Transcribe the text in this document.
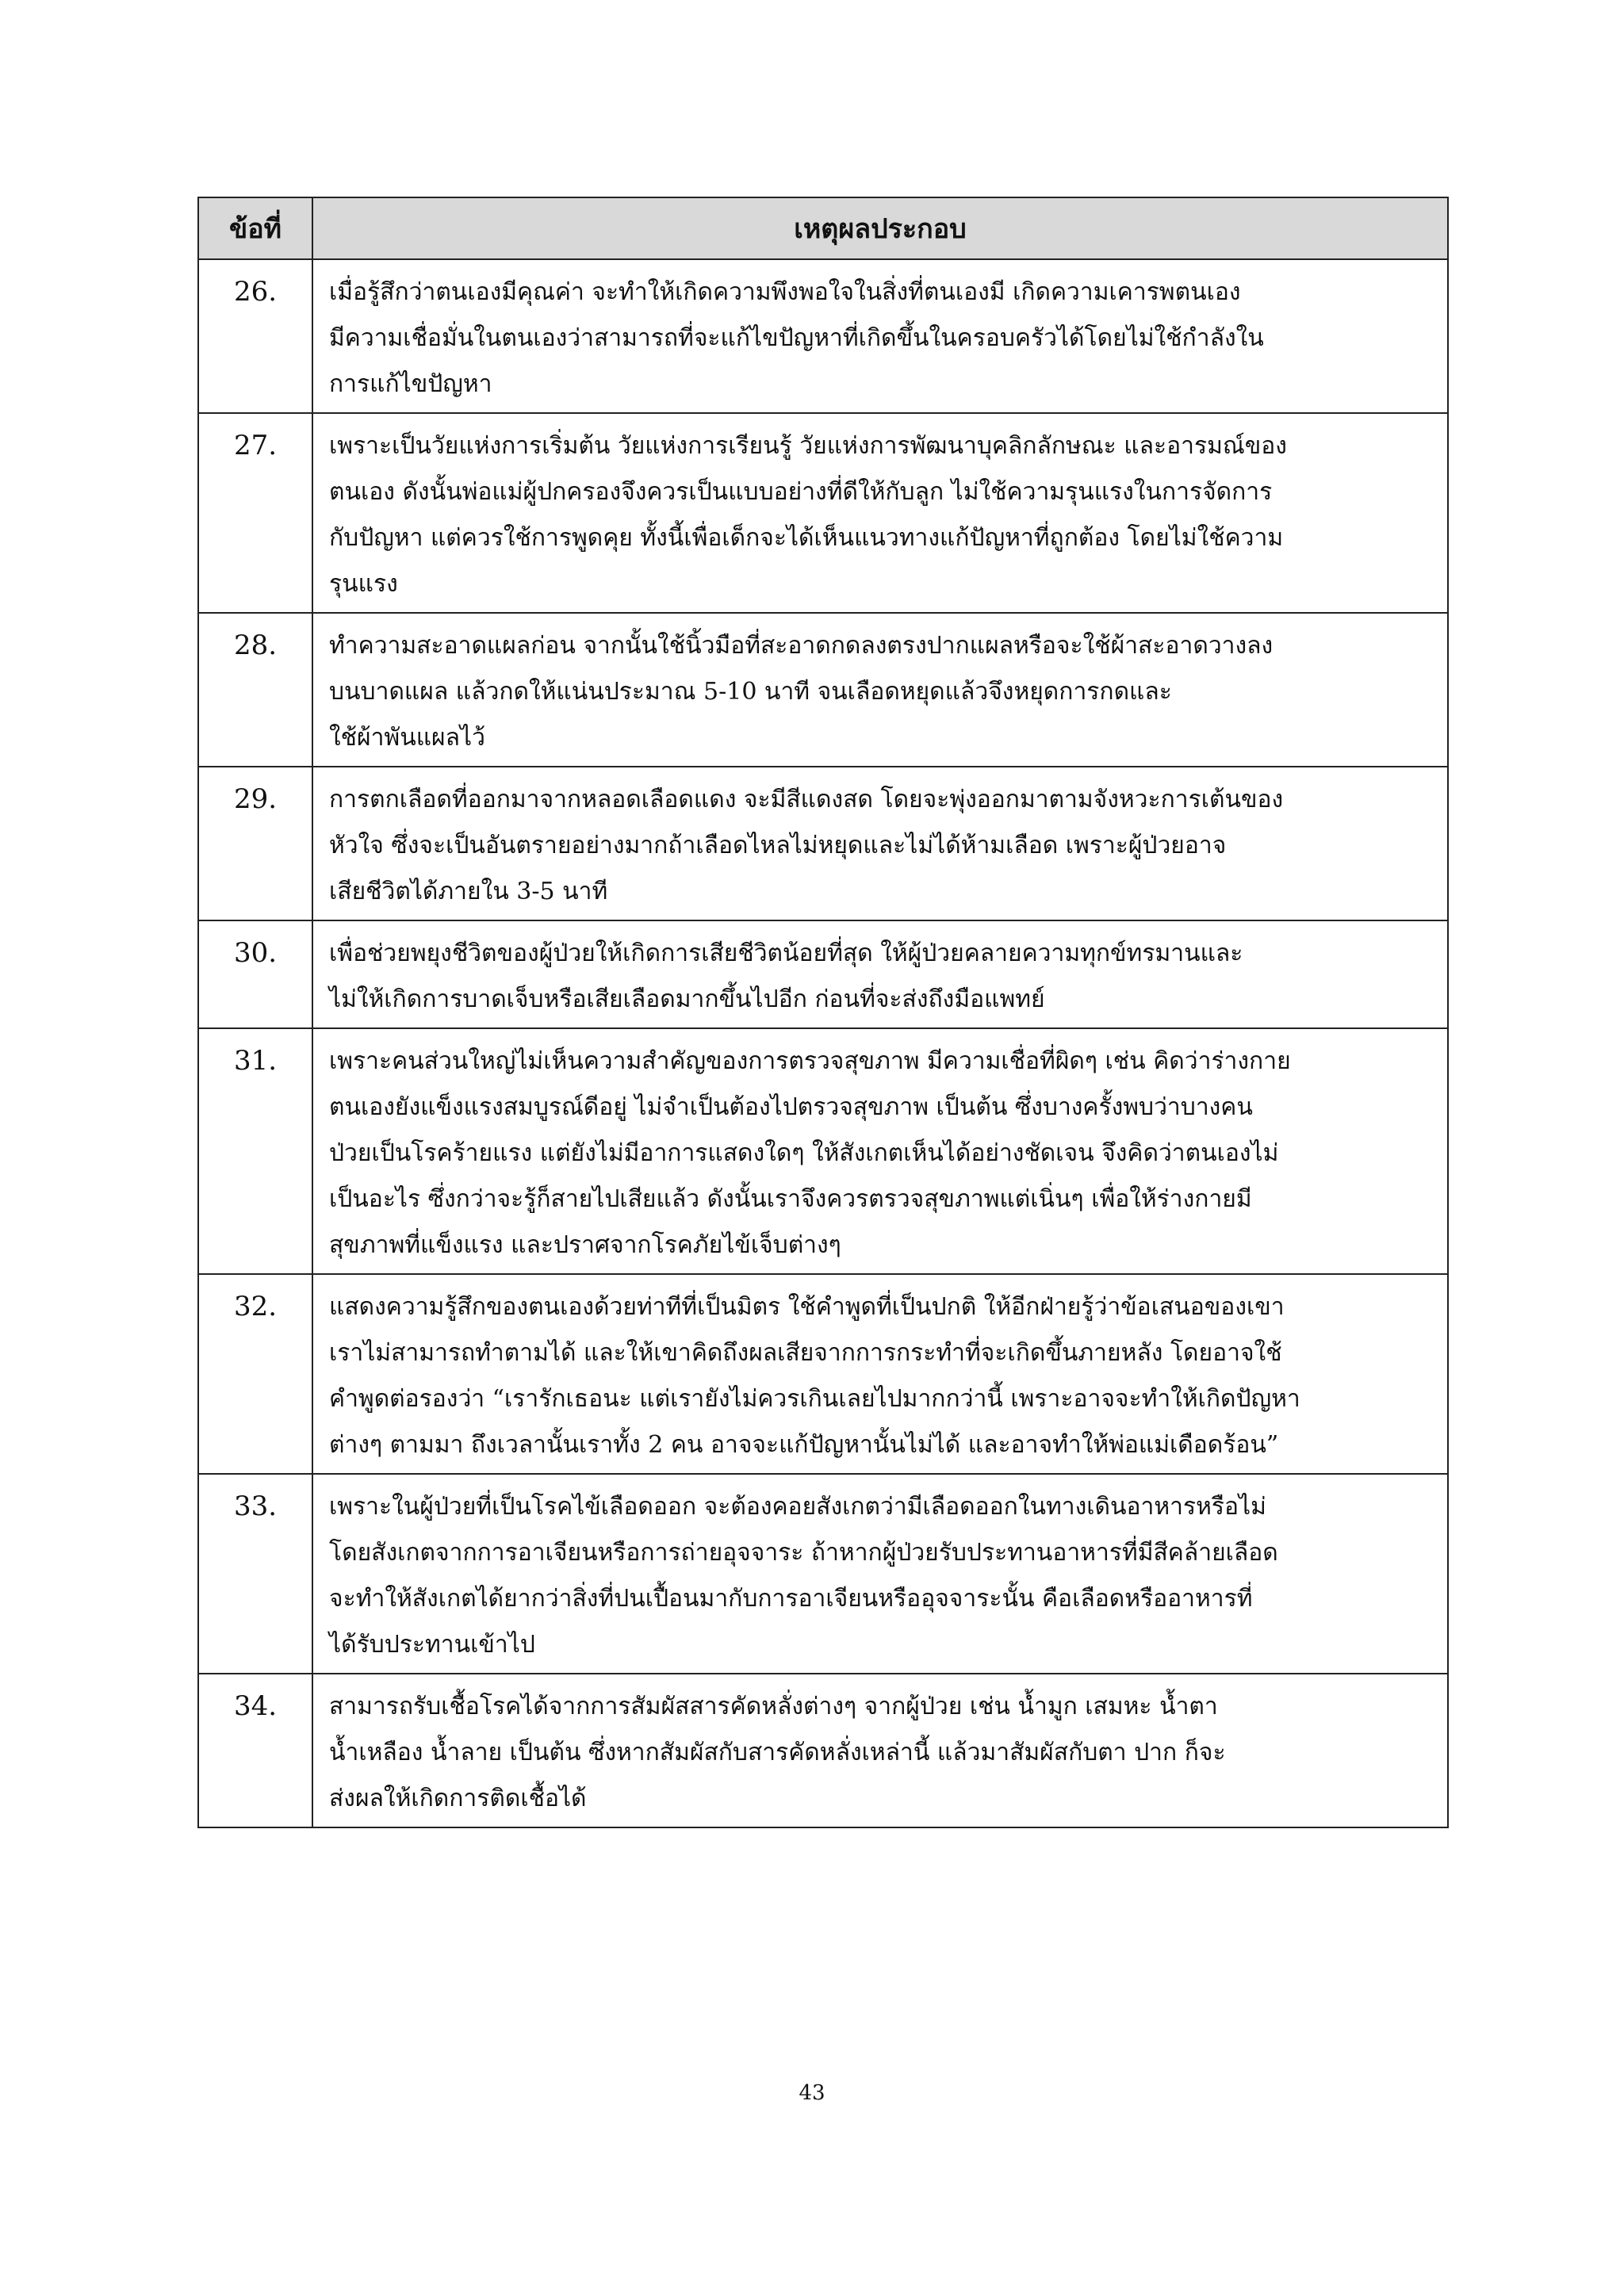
ข้อที่	เหตุผลประกอบ
26.	เมื่อรู้สึกว่าตนเองมีคุณค่า จะทำให้เกิดความพึงพอใจในสิ่งที่ตนเองมี เกิดความเคารพตนเอง
มีความเชื่อมั่นในตนเองว่าสามารถที่จะแก้ไขปัญหาที่เกิดขึ้นในครอบครัวได้โดยไม่ใช้กำลังใน
การแก้ไขปัญหา

27.	เพราะเป็นวัยแห่งการเริ่มต้น วัยแห่งการเรียนรู้ วัยแห่งการพัฒนาบุคลิกลักษณะ และอารมณ์ของ
ตนเอง ดังนั้นพ่อแม่ผู้ปกครองจึงควรเป็นแบบอย่างที่ดีให้กับลูก ไม่ใช้ความรุนแรงในการจัดการ
กับปัญหา แต่ควรใช้การพูดคุย ทั้งนี้เพื่อเด็กจะได้เห็นแนวทางแก้ปัญหาที่ถูกต้อง โดยไม่ใช้ความ
รุนแรง

28.	ทำความสะอาดแผลก่อน จากนั้นใช้นิ้วมือที่สะอาดกดลงตรงปากแผลหรือจะใช้ผ้าสะอาดวางลง
บนบาดแผล แล้วกดให้แน่นประมาณ 5-10 นาที จนเลือดหยุดแล้วจึงหยุดการกดและ
ใช้ผ้าพันแผลไว้

29.	การตกเลือดที่ออกมาจากหลอดเลือดแดง จะมีสีแดงสด โดยจะพุ่งออกมาตามจังหวะการเต้นของ
หัวใจ ซึ่งจะเป็นอันตรายอย่างมากถ้าเลือดไหลไม่หยุดและไม่ได้ห้ามเลือด เพราะผู้ป่วยอาจ
เสียชีวิตได้ภายใน 3-5 นาที

30.	เพื่อช่วยพยุงชีวิตของผู้ป่วยให้เกิดการเสียชีวิตน้อยที่สุด ให้ผู้ป่วยคลายความทุกข์ทรมานและ
ไม่ให้เกิดการบาดเจ็บหรือเสียเลือดมากขึ้นไปอีก ก่อนที่จะส่งถึงมือแพทย์

31.	เพราะคนส่วนใหญ่ไม่เห็นความสำคัญของการตรวจสุขภาพ มีความเชื่อที่ผิดๆ เช่น คิดว่าร่างกาย
ตนเองยังแข็งแรงสมบูรณ์ดีอยู่ ไม่จำเป็นต้องไปตรวจสุขภาพ เป็นต้น ซึ่งบางครั้งพบว่าบางคน
ป่วยเป็นโรคร้ายแรง แต่ยังไม่มีอาการแสดงใดๆ ให้สังเกตเห็นได้อย่างชัดเจน จึงคิดว่าตนเองไม่
เป็นอะไร ซึ่งกว่าจะรู้ก็สายไปเสียแล้ว ดังนั้นเราจึงควรตรวจสุขภาพแต่เนิ่นๆ เพื่อให้ร่างกายมี
สุขภาพที่แข็งแรง และปราศจากโรคภัยไข้เจ็บต่างๆ

32.	แสดงความรู้สึกของตนเองด้วยท่าทีที่เป็นมิตร ใช้คำพูดที่เป็นปกติ ให้อีกฝ่ายรู้ว่าข้อเสนอของเขา
เราไม่สามารถทำตามได้ และให้เขาคิดถึงผลเสียจากการกระทำที่จะเกิดขึ้นภายหลัง โดยอาจใช้
คำพูดต่อรองว่า “เรารักเธอนะ แต่เรายังไม่ควรเกินเลยไปมากกว่านี้ เพราะอาจจะทำให้เกิดปัญหา
ต่างๆ ตามมา ถึงเวลานั้นเราทั้ง 2 คน อาจจะแก้ปัญหานั้นไม่ได้ และอาจทำให้พ่อแม่เดือดร้อน”

33.	เพราะในผู้ป่วยที่เป็นโรคไข้เลือดออก จะต้องคอยสังเกตว่ามีเลือดออกในทางเดินอาหารหรือไม่
โดยสังเกตจากการอาเจียนหรือการถ่ายอุจจาระ ถ้าหากผู้ป่วยรับประทานอาหารที่มีสีคล้ายเลือด
จะทำให้สังเกตได้ยากว่าสิ่งที่ปนเปื้อนมากับการอาเจียนหรืออุจจาระนั้น คือเลือดหรืออาหารที่
ได้รับประทานเข้าไป

34.	สามารถรับเชื้อโรคได้จากการสัมผัสสารคัดหลั่งต่างๆ จากผู้ป่วย เช่น น้ำมูก เสมหะ น้ำตา
น้ำเหลือง น้ำลาย เป็นต้น ซึ่งหากสัมผัสกับสารคัดหลั่งเหล่านี้ แล้วมาสัมผัสกับตา ปาก ก็จะ
ส่งผลให้เกิดการติดเชื้อได้
43
